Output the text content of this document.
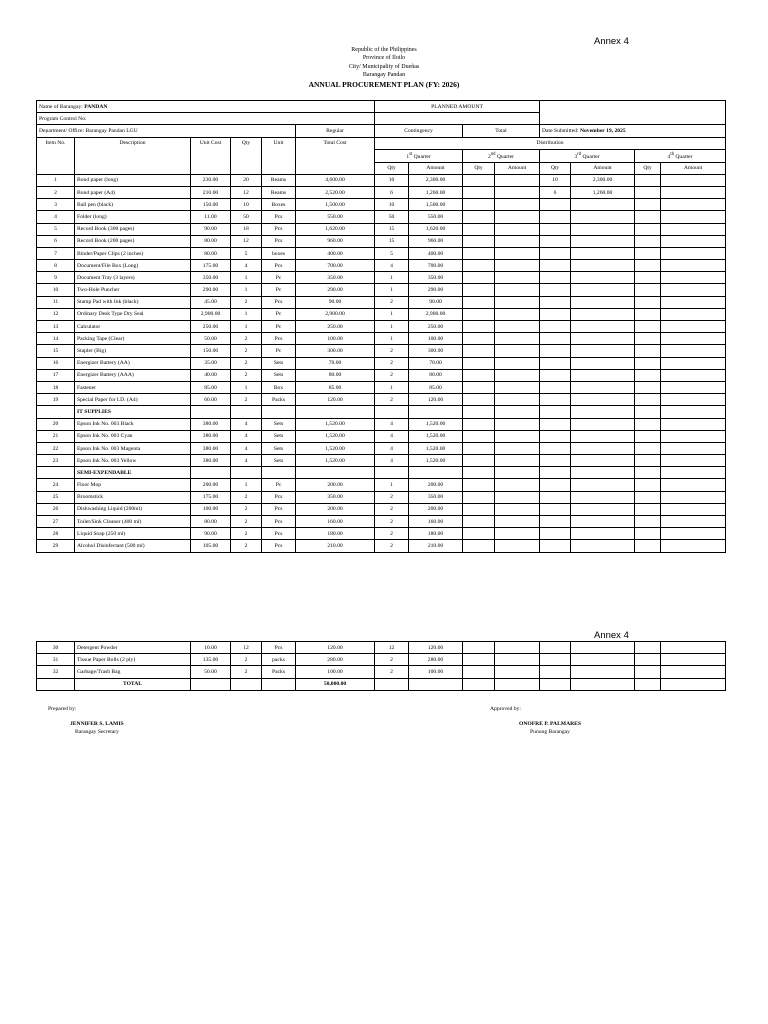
Annex 4
Republic of the Philippines
Province of Iloilo
City/ Municipality of Dueñas
Barangay Pandan
ANNUAL PROCUREMENT PLAN (FY: 2026)
Name of Barangay: PANDAN						PLANNED AMOUNT							
Program Control No.													
Department/ Office: Barangay Pandan LGU					Regular	Contingency		Total		Date Submitted: November 19, 2025			
Item No.	Description	Unit Cost	Qty	Unit	Total Cost	Distribution							
						1st Quarter		2nd Quarter		3rd Quarter		4th Quarter	
						Qty	Amount	Qty	Amount	Qty	Amount	Qty	Amount
1	Bond paper (long)	230.00	20	Reams	4,600.00	10	2,300.00			10	2,300.00		
2	Bond paper (A4)	210.00	12	Reams	2,520.00	6	1,260.00			6	1,260.00		
3	Ball pen (black)	150.00	10	Boxes	1,500.00	10	1,500.00						
4	Folder (long)	11.00	50	Pcs	550.00	50	550.00						
5	Record Book (300 pages)	90.00	18	Pcs	1,620.00	15	1,620.00						
6	Record Book (200 pages)	80.00	12	Pcs	960.00	15	960.00						
7	Binder/Paper Clips (2 inches)	80.00	5	boxes	400.00	5	400.00						
8	Document/File Box (Long)	175.00	4	Pcs	700.00	4	700.00						
9	Document Tray (3 layers)	350.00	1	Pc	350.00	1	350.00						
10	Two-Hole Puncher	290.00	1	Pc	290.00	1	290.00						
11	Stamp Pad with Ink (black)	45.00	2	Pcs	90.00	2	90.00						
12	Ordinary Desk Type Dry Seal	2,900.00	1	Pc	2,900.00	1	2,900.00						
13	Calculator	250.00	1	Pc	250.00	1	250.00						
14	Packing Tape (Clear)	50.00	2	Pcs	100.00	1	100.00						
15	Stapler (Big)	150.00	2	Pc	300.00	2	300.00						
16	Energizer Battery (AA)	35.00	2	Sets	70.00	2	70.00						
17	Energizer Battery (AAA)	40.00	2	Sets	80.00	2	80.00						
18	Fastener	85.00	1	Box	85.00	1	85.00						
19	Special Paper for I.D. (A4)	60.00	2	Packs	120.00	2	120.00						
	IT SUPPLIES												
20	Epson Ink No. 003 Black	380.00	4	Sets	1,520.00	4	1,520.00						
21	Epson Ink No. 003 Cyan	380.00	4	Sets	1,520.00	4	1,520.00						
22	Epson Ink No. 003 Magenta	380.00	4	Sets	1,520.00	4	1,520.00						
23	Epson Ink No. 003 Yellow	380.00	4	Sets	1,520.00	4	1,520.00						
	SEMI-EXPENDABLE												
24	Floor Mop	200.00	1	Pc	200.00	1	200.00						
25	Broomstick	175.00	2	Pcs	350.00	2	350.00						
26	Dishwashing Liquid (200ml)	100.00	2	Pcs	200.00	2	200.00						
27	Toilet/Sink Cleaner (400 ml)	80.00	2	Pcs	160.00	2	160.00						
28	Liquid Soap (250 ml)	90.00	2	Pcs	180.00	2	180.00						
29	Alcohol Disinfectant (500 ml)	105.00	2	Pcs	210.00	2	210.00						
Annex 4
30	Detergent Powder	10.00	12	Pcs	120.00	12	120.00						
31	Tissue Paper Rolls (2 ply)	135.00	2	packs	280.00	2	280.00						
32	Garbage/Trash Bag	50.00	2	Packs	100.00	2	100.00						
	TOTAL				50,000.00								
Prepared by:	Approved by:
JENNIFER S. LAMIS
Barangay Secretary
ONOFRE P. PALMARES
Punong Barangay
